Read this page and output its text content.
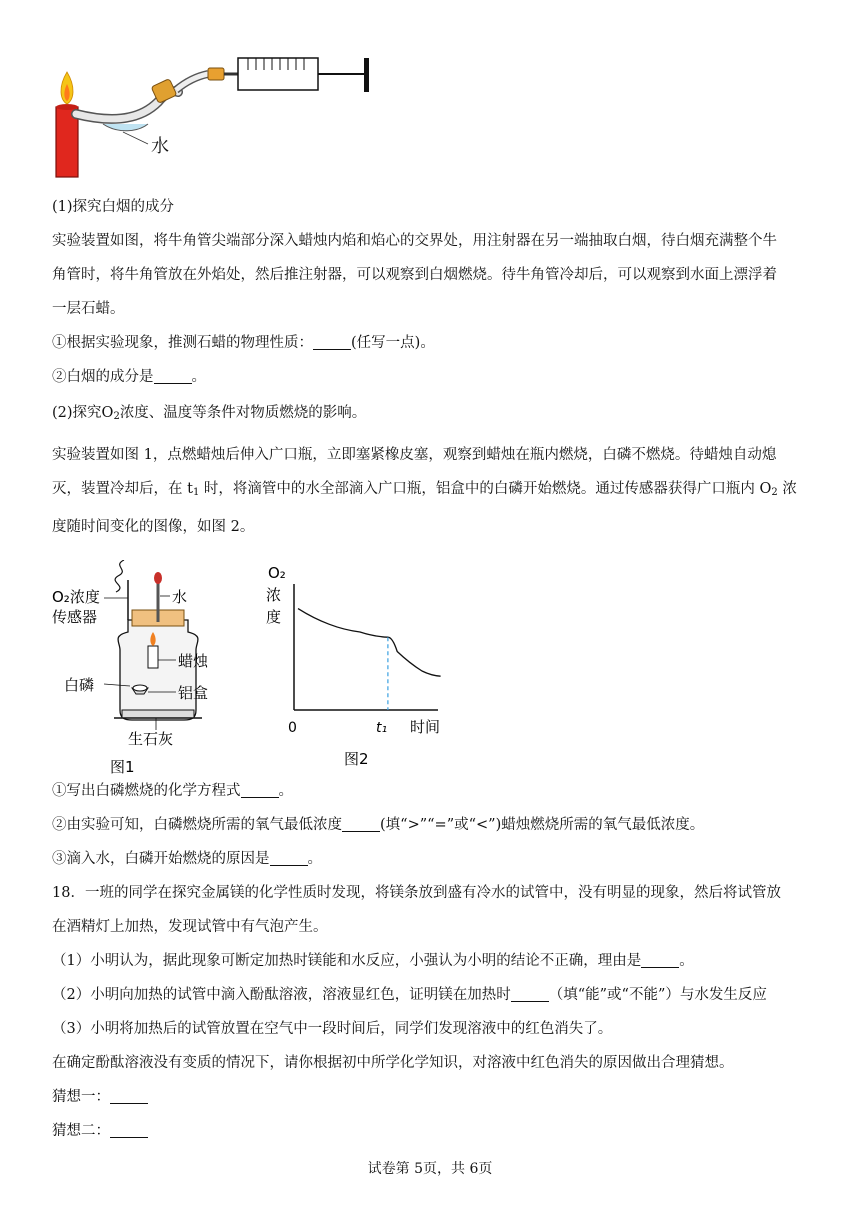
水
(1)探究白烟的成分
实验装置如图，将牛角管尖端部分深入蜡烛内焰和焰心的交界处，用注射器在另一端抽取白烟，待白烟充满整个牛
角管时，将牛角管放在外焰处，然后推注射器，可以观察到白烟燃烧。待牛角管冷却后，可以观察到水面上漂浮着
一层石蜡。
①根据实验现象，推测石蜡的物理性质：	(任写一点)。
②白烟的成分是	。
(2)探究$O_2$浓度、温度等条件对物质燃烧的影响。
实验装置如图 1，点燃蜡烛后伸入广口瓶，立即塞紧橡皮塞，观察到蜡烛在瓶内燃烧，白磷不燃烧。待蜡烛自动熄
灭，装置冷却后，在 $t_1$ 时，将滴管中的水全部滴入广口瓶，铝盒中的白磷开始燃烧。通过传感器获得广口瓶内 $O_2$ 浓
度随时间变化的图像，如图 2。
O₂浓度
传感器
水
蜡烛
白磷	铝盒
生石灰
图1
O₂
浓
度
0	t₁ 时间
图2
①写出白磷燃烧的化学方程式	。
②由实验可知，白磷燃烧所需的氧气最低浓度	(填“>”“=”或“<”)蜡烛燃烧所需的氧气最低浓度。
③滴入水，白磷开始燃烧的原因是	。
18．一班的同学在探究金属镁的化学性质时发现，将镁条放到盛有冷水的试管中，没有明显的现象，然后将试管放
在酒精灯上加热，发现试管中有气泡产生。
（1）小明认为，据此现象可断定加热时镁能和水反应，小强认为小明的结论不正确，理由是	。
（2）小明向加热的试管中滴入酚酞溶液，溶液显红色，证明镁在加热时	（填“能”或“不能”）与水发生反应
（3）小明将加热后的试管放置在空气中一段时间后，同学们发现溶液中的红色消失了。
在确定酚酞溶液没有变质的情况下，请你根据初中所学化学知识，对溶液中红色消失的原因做出合理猜想。
猜想一：
猜想二：
试卷第 5页，共 6页
